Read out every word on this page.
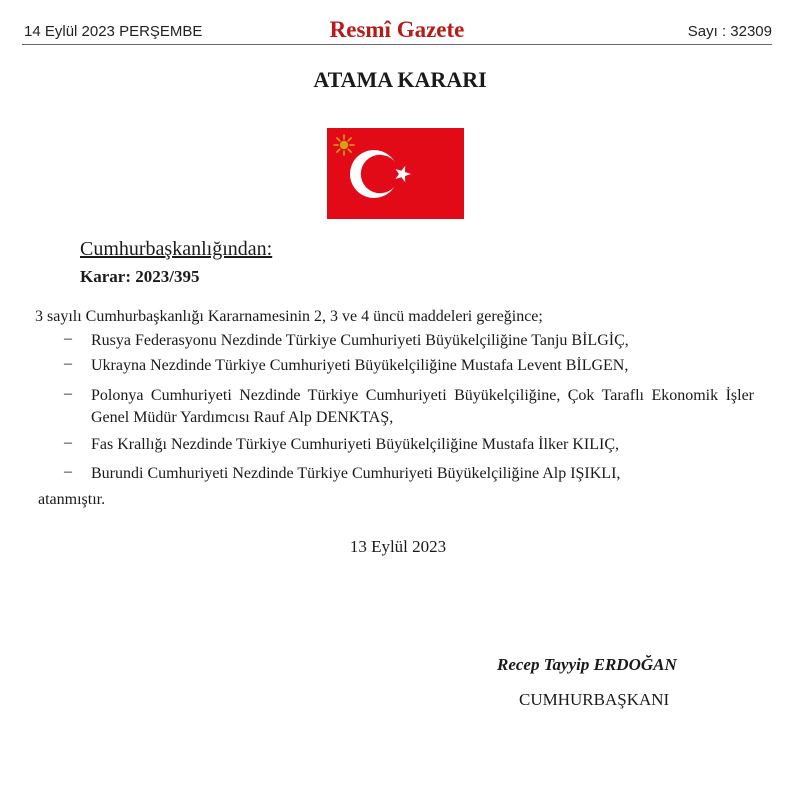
14 Eylül 2023 PERŞEMBE	Resmî Gazete	Sayı : 32309
ATAMA KARARI
Cumhurbaşkanlığından:
Karar: 2023/395
3 sayılı Cumhurbaşkanlığı Kararnamesinin 2, 3 ve 4 üncü maddeleri gereğince;
– Rusya Federasyonu Nezdinde Türkiye Cumhuriyeti Büyükelçiliğine Tanju BİLGİÇ,
– Ukrayna Nezdinde Türkiye Cumhuriyeti Büyükelçiliğine Mustafa Levent BİLGEN,
– Polonya Cumhuriyeti Nezdinde Türkiye Cumhuriyeti Büyükelçiliğine, Çok Taraflı Ekonomik İşler Genel Müdür Yardımcısı Rauf Alp DENKTAŞ,
– Fas Krallığı Nezdinde Türkiye Cumhuriyeti Büyükelçiliğine Mustafa İlker KILIÇ,
– Burundi Cumhuriyeti Nezdinde Türkiye Cumhuriyeti Büyükelçiliğine Alp IŞIKLI,
atanmıştır.
13 Eylül 2023
Recep Tayyip ERDOĞAN
CUMHURBAŞKANI
